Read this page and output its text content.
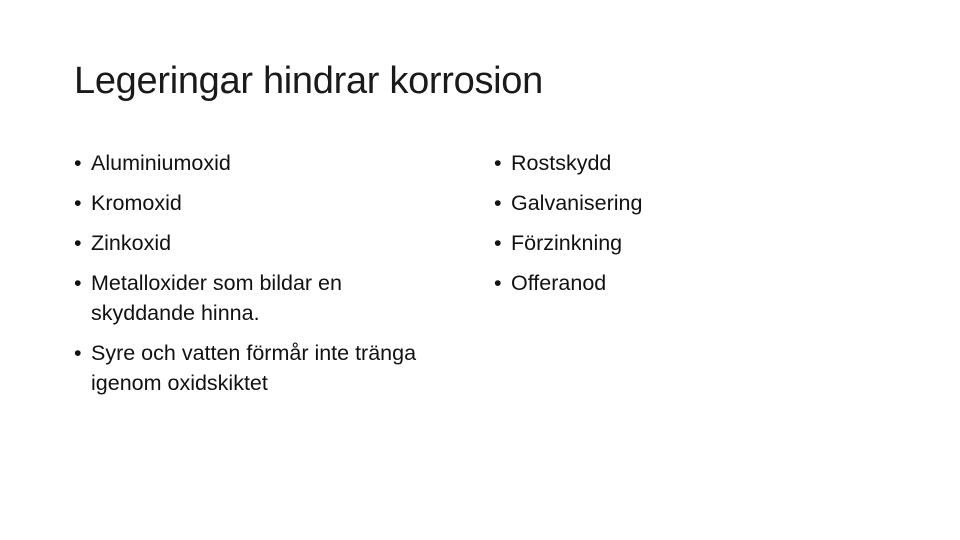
Legeringar hindrar korrosion
• Aluminiumoxid
• Kromoxid
• Zinkoxid
• Metalloxider som bildar en skyddande hinna.
• Syre och vatten förmår inte tränga igenom oxidskiktet
• Rostskydd
• Galvanisering
• Förzinkning
• Offeranod
